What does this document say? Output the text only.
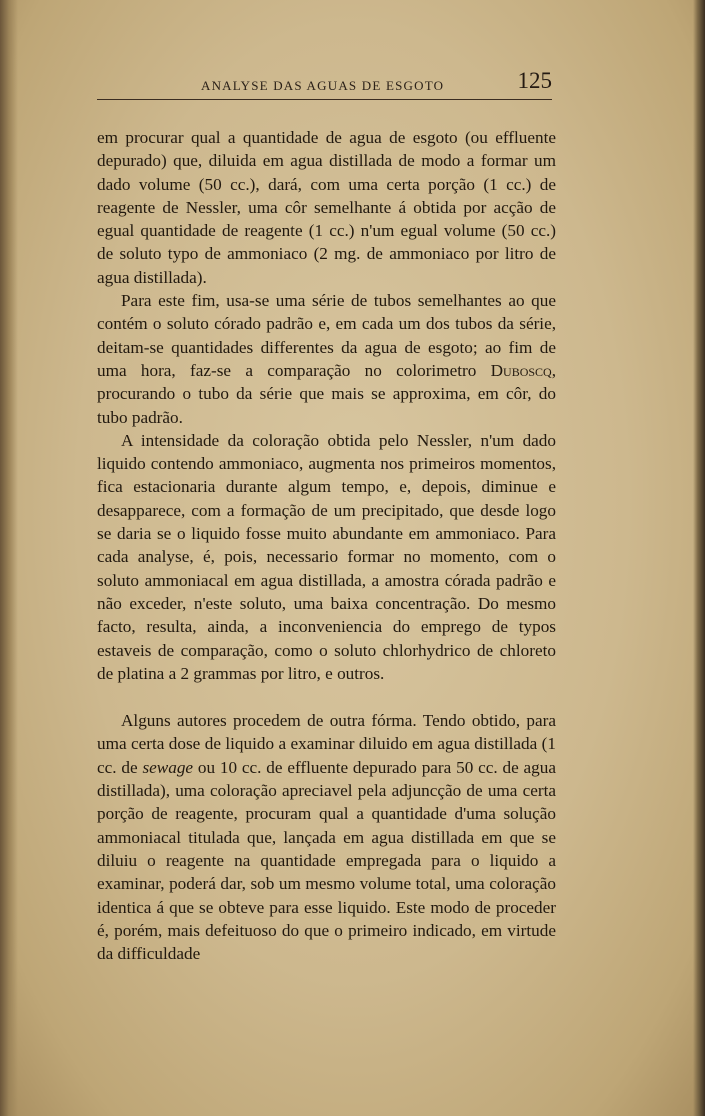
ANALYSE DAS AGUAS DE ESGOTO	125

em procurar qual a quantidade de agua de esgoto (ou effluente depurado) que, diluida em agua distillada de modo a formar um dado volume (50 cc.), dará, com uma certa porção (1 cc.) de reagente de Nessler, uma côr semelhante á obtida por acção de egual quantidade de reagente (1 cc.) n'um egual volume (50 cc.) de soluto typo de ammoniaco (2 mg. de ammoniaco por litro de agua distillada).

Para este fim, usa-se uma série de tubos semelhantes ao que contém o soluto córado padrão e, em cada um dos tubos da série, deitam-se quantidades differentes da agua de esgoto; ao fim de uma hora, faz-se a comparação no colorimetro Duboscq, procurando o tubo da série que mais se approxima, em côr, do tubo padrão.

A intensidade da coloração obtida pelo Nessler, n'um dado liquido contendo ammoniaco, augmenta nos primeiros momentos, fica estacionaria durante algum tempo, e, depois, diminue e desapparece, com a formação de um precipitado, que desde logo se daria se o liquido fosse muito abundante em ammoniaco. Para cada analyse, é, pois, necessario formar no momento, com o soluto ammoniacal em agua distillada, a amostra córada padrão e não exceder, n'este soluto, uma baixa concentração. Do mesmo facto, resulta, ainda, a inconveniencia do emprego de typos estaveis de comparação, como o soluto chlorhydrico de chloreto de platina a 2 grammas por litro, e outros.

Alguns autores procedem de outra fórma. Tendo obtido, para uma certa dose de liquido a examinar diluido em agua distillada (1 cc. de sewage ou 10 cc. de effluente depurado para 50 cc. de agua distillada), uma coloração apreciavel pela adjuncção de uma certa porção de reagente, procuram qual a quantidade d'uma solução ammoniacal titulada que, lançada em agua distillada em que se diluiu o reagente na quantidade empregada para o liquido a examinar, poderá dar, sob um mesmo volume total, uma coloração identica á que se obteve para esse liquido. Este modo de proceder é, porém, mais defeituoso do que o primeiro indicado, em virtude da difficuldade
